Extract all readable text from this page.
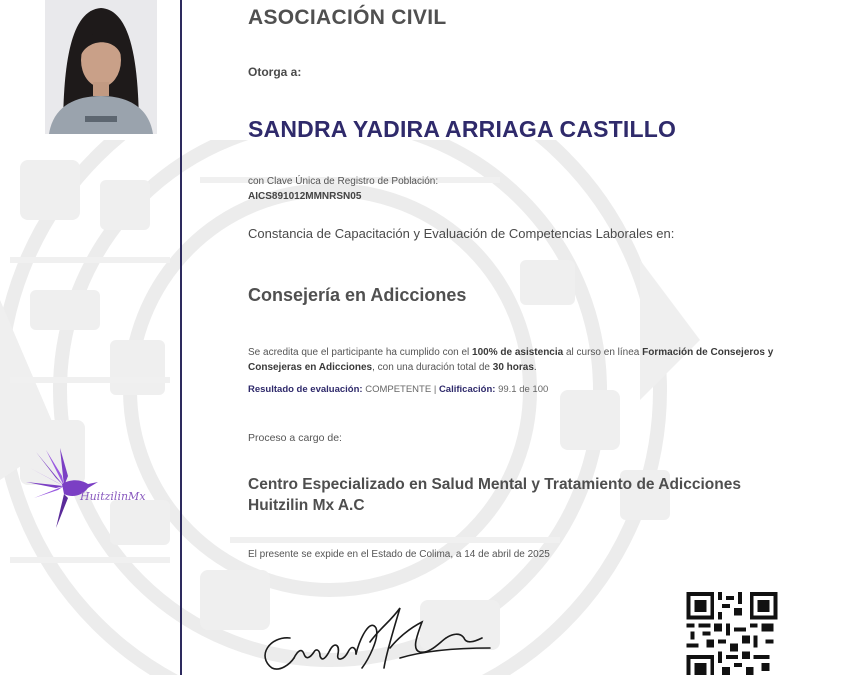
HuitzilinMx
ASOCIACIÓN CIVIL
Otorga a:
SANDRA YADIRA ARRIAGA CASTILLO
con Clave Única de Registro de Población:
AICS891012MMNRSN05
Constancia de Capacitación y Evaluación de Competencias Laborales en:
Consejería en Adicciones
Se acredita que el participante ha cumplido con el 100% de asistencia al curso en línea Formación de Consejeros y Consejeras en Adicciones, con una duración total de 30 horas.
Resultado de evaluación: COMPETENTE | Calificación: 99.1 de 100
Proceso a cargo de:
Centro Especializado en Salud Mental y Tratamiento de Adicciones Huitzilin Mx A.C
El presente se expide en el Estado de Colima, a 14 de abril de 2025
